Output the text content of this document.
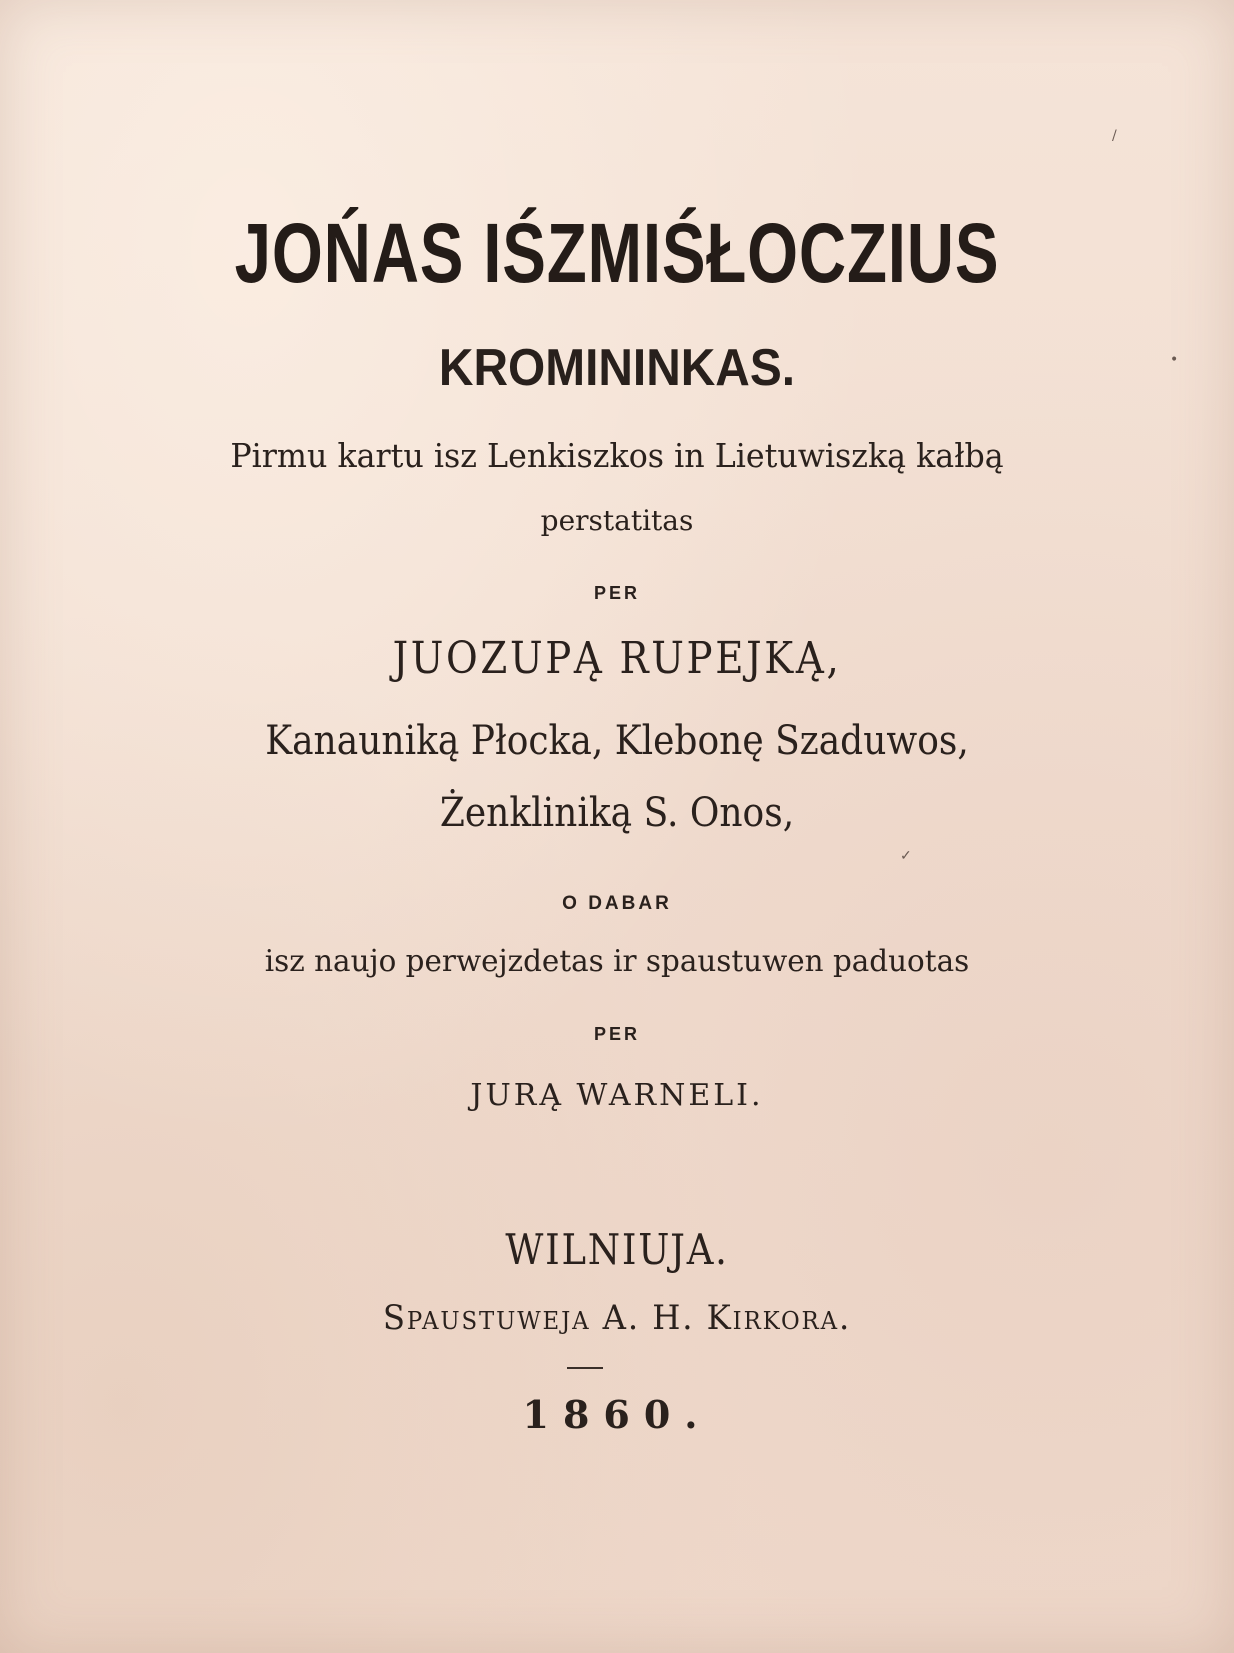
JOŃAS IŚZMIŚŁOCZIUS
KROMININKAS.
Pirmu kartu isz Lenkiszkos in Lietuwiszką kałbą
perstatitas
PER
JUOZUPĄ RUPEJKĄ,
Kanauniką Płocka, Klebonę Szaduwos,
Żenkliniką S. Onos,
O DABAR
isz naujo perwejzdetas ir spaustuwen paduotas
PER
JURĄ WARNELI.
WILNIUJA.
Spaustuweja A. H. Kirkora.
1860.
/
•
✓
